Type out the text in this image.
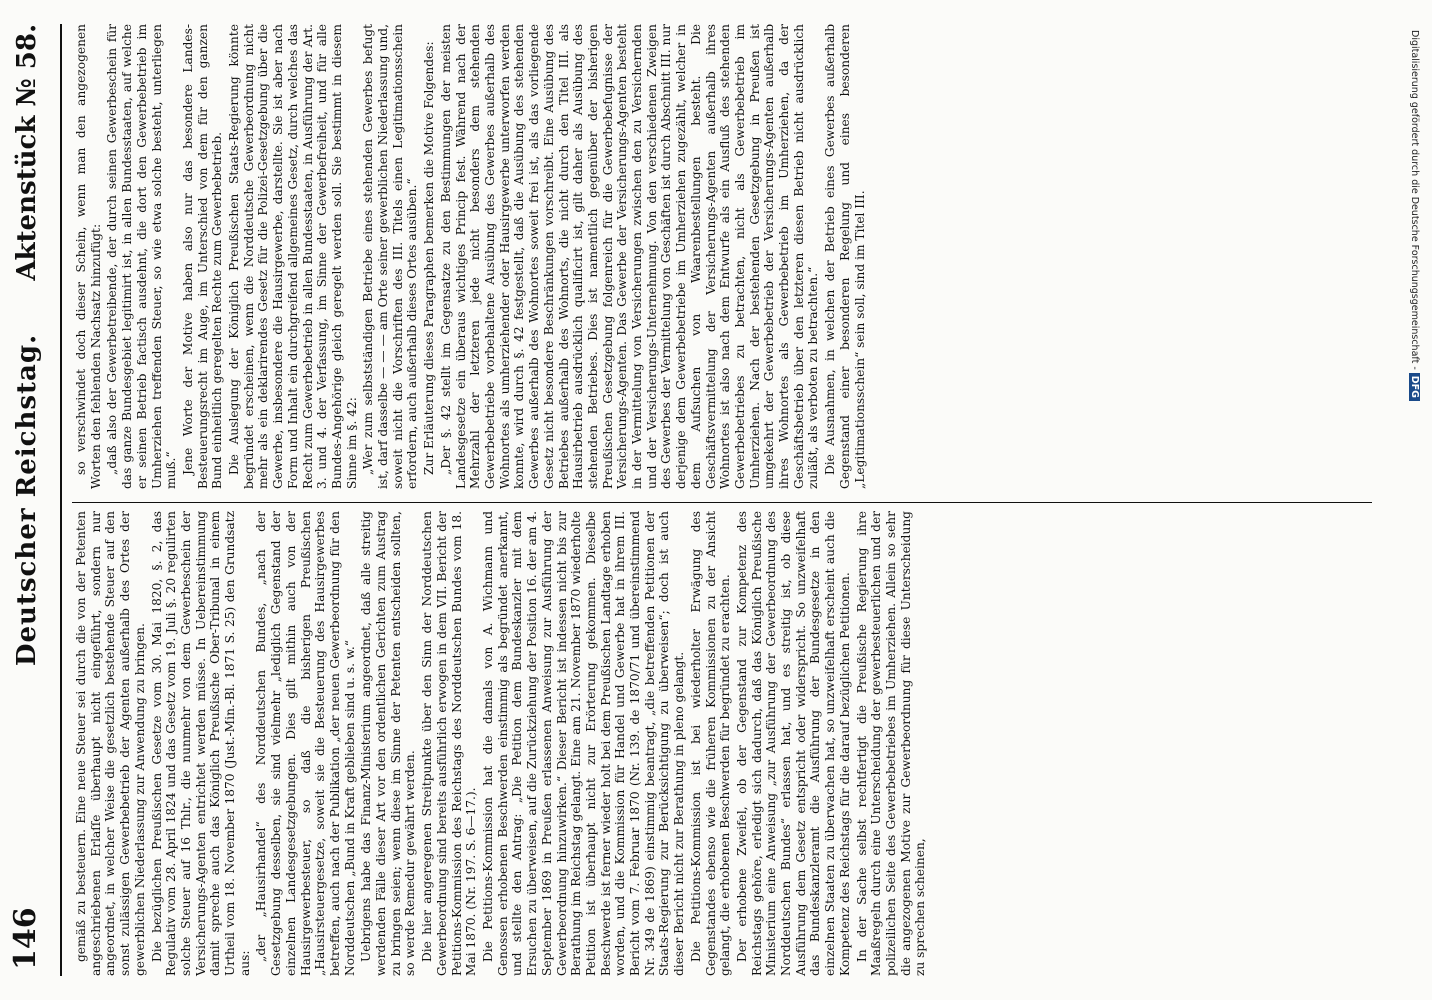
146
Deutscher Reichstag.
Aktenstück № 58.

gemäß zu besteuern. Eine neue Steuer sei durch die von der Petenten angeschriebenen Erlaſſe überhaupt nicht eingeführt, sondern nur angeordnet, in welcher Weise die gesetzlich bestehende Steuer auf den sonst zulässigen Gewerbebetrieb der Agenten außerhalb des Ortes der gewerblichen Niederlassung zur Anwendung zu bringen. Die bezüglichen Preußischen Gesetze vom 30. Mai 1820, §. 2, das Regulativ vom 28. April 1824 und das Gesetz vom 19. Juli §. 20 regulirten solche Steuer auf 16 Thlr., die nunmehr von dem Gewerbeschein der Versicherungs-Agenten entrichtet werden müsse. In Uebereinstimmung damit spreche auch das Königlich Preußische Ober-Tribunal in einem Urtheil vom 18. November 1870 (Just.-Min.-Bl. 1871 S. 25) den Grundsatz aus:

„der „Hausirhandel“ des Norddeutschen Bundes, „nach der Gesetzgebung desselben, sie sind vielmehr „lediglich Gegenstand der einzelnen Landesgesetzgebungen. Dies gilt mithin auch von der Hausirgewerbesteuer, so daß die bisherigen Preußischen „Hausirsteuergesetze, soweit sie die Besteuerung des Hausirgewerbes betreffen, auch nach der Publikation „der neuen Gewerbeordnung für den Norddeutschen „Bund in Kraft geblieben sind u. s. w.“ Uebrigens habe das Finanz-Ministerium angeordnet, daß alle streitig werdenden Fälle dieser Art vor den ordentlichen Gerichten zum Austrag zu bringen seien; wenn diese im Sinne der Petenten entscheiden sollten, so werde Remedur gewährt werden. Die hier angeregenen Streitpunkte über den Sinn der Norddeutschen Gewerbeordnung sind bereits ausführlich erwogen in dem VII. Bericht der Petitions-Kommission des Reichstags des Norddeutschen Bundes vom 18. Mai 1870. (Nr. 197. S. 6—17.). Die Petitions-Kommission hat die damals von A. Wichmann und Genossen erhobenen Beschwerden einstimmig als begründet anerkannt, und stellte den Antrag: „Die Petition dem Bundeskanzler mit dem Ersuchen zu überweisen, auf die Zurückziehung der Position 16. der am 4. September 1869 in Preußen erlassenen Anweisung zur Ausführung der Gewerbeordnung hinzuwirken.“ Dieser Bericht ist indessen nicht bis zur Berathung im Reichstag gelangt. Eine am 21. November 1870 wiederholte Petition ist überhaupt nicht zur Erörterung gekommen. Dieselbe Beschwerde ist ferner wieder holt bei dem Preußischen Landtage erhoben worden, und die Kommission für Handel und Gewerbe hat in ihrem III. Bericht vom 7. Februar 1870 (Nr. 139. de 1870/71 und übereinstimmend Nr. 349 de 1869) einstimmig beantragt, „die betreffenden Petitionen der Staats-Regierung zur Berücksichtigung zu überweisen“; doch ist auch dieser Bericht nicht zur Berathung in pleno gelangt. Die Petitions-Kommission ist bei wiederholter Erwägung des Gegenstandes ebenso wie die früheren Kommissionen zu der Ansicht gelangt, die erhobenen Beschwerden für begründet zu erachten. Der erhobene Zweifel, ob der Gegenstand zur Kompetenz des Reichstags gehöre, erledigt sich dadurch, daß das Königlich Preußische Ministerium eine Anweisung „zur Ausführung der Gewerbeordnung des Norddeutschen Bundes“ erlassen hat, und es streitig ist, ob diese Ausführung dem Gesetz entspricht oder widerspricht. So unzweifelhaft das Bundeskanzleramt die Ausführung der Bundesgesetze in den einzelnen Staaten zu überwachen hat, so unzweifelhaft erscheint auch die Kompetenz des Reichstags für die darauf bezüglichen Petitionen. In der Sache selbst rechtfertigt die Preußische Regierung ihre Maaßregeln durch eine Unterscheidung der gewerbesteuerlichen und der polizeilichen Seite des Gewerbebetriebes im Umherziehen. Allein so sehr die angezogenen Motive zur Gewerbeordnung für diese Unterscheidung zu sprechen scheinen,

so verschwindet doch dieser Schein, wenn man den angezogenen Worten den fehlenden Nachsatz hinzufügt: „daß also der Gewerbetreibende, der durch seinen Gewerbeschein für das ganze Bundesgebiet legitimirt ist, in allen Bundesstaaten, auf welche er seinen Betrieb factisch ausdehnt, die dort den Gewerbebetrieb im Umherziehen treffenden Steuer, so wie etwa solche besteht, unterliegen muß.“ Jene Worte der Motive haben also nur das besondere Landes-Besteuerungsrecht im Auge, im Unterschied von dem für den ganzen Bund einheitlich geregelten Rechte zum Gewerbebetrieb. Die Auslegung der Königlich Preußischen Staats-Regierung könnte begründet erscheinen, wenn die Norddeutsche Gewerbeordnung nicht mehr als ein deklarirendes Gesetz für die Polizei-Gesetzgebung über die Gewerbe, insbesondere die Hausirgewerbe, darstellte. Sie ist aber nach Form und Inhalt ein durchgreifend allgemeines Gesetz, durch welches das Recht zum Gewerbebetrieb in allen Bundesstaaten, in Ausführung der Art. 3. und 4. der Verfassung, im Sinne der Gewerbefreiheit, und für alle Bundes-Angehörige gleich geregelt werden soll. Sie bestimmt in diesem Sinne im §. 42: „Wer zum selbstständigen Betriebe eines stehenden Gewerbes befugt ist, darf dasselbe — — — am Orte seiner gewerblichen Niederlassung und, soweit nicht die Vorschriften des III. Titels einen Legitimationsschein erfordern, auch außerhalb dieses Ortes ausüben.“ Zur Erläuterung dieses Paragraphen bemerken die Motive Folgendes: „Der §. 42 stellt im Gegensatze zu den Bestimmungen der meisten Landesgesetze ein überaus wichtiges Princip fest. Während nach der Mehrzahl der letzteren jede nicht besonders dem stehenden Gewerbebetriebe vorbehaltene Ausübung des Gewerbes außerhalb des Wohnortes als umherziehender oder Hausirgewerbe unterworfen werden konnte, wird durch §. 42 festgestellt, daß die Ausübung des stehenden Gewerbes außerhalb des Wohnortes soweit frei ist, als das vorliegende Gesetz nicht besondere Beschränkungen vorschreibt. Eine Ausübung des Betriebes außerhalb des Wohnorts, die nicht durch den Titel III. als Hausirbetrieb ausdrücklich qualificirt ist, gilt daher als Ausübung des stehenden Betriebes. Dies ist namentlich gegenüber der bisherigen Preußischen Gesetzgebung folgenreich für die Gewerbebefugnisse der Versicherungs-Agenten. Das Gewerbe der Versicherungs-Agenten besteht in der Vermittelung von Versicherungen zwischen den zu Versichernden und der Versicherungs-Unternehmung. Von den verschiedenen Zweigen des Gewerbes der Vermittelung von Geschäften ist durch Abschnitt III. nur derjenige dem Gewerbebetriebe im Umherziehen zugezählt, welcher in dem Aufsuchen von Waarenbestellungen besteht. Die Geschäftsvermittelung der Versicherungs-Agenten außerhalb ihres Wohnortes ist also nach dem Entwurfe als ein Ausfluß des stehenden Gewerbebetriebes zu betrachten, nicht als Gewerbebetrieb im Umherziehen. Nach der bestehenden Gesetzgebung in Preußen ist umgekehrt der Gewerbebetrieb der Versicherungs-Agenten außerhalb ihres Wohnortes als Gewerbebetrieb im Umherziehen, da der Geschäftsbetrieb über den letzteren diesen Betrieb nicht ausdrücklich zuläßt, als verboten zu betrachten.“ Die Ausnahmen, in welchen der Betrieb eines Gewerbes außerhalb Gegenstand einer besonderen Regelung und eines besonderen „Legitimationsschein“ sein soll, sind im Titel III.	Digitalisierung gefördert durch die Deutsche Forschungsgemeinschaft - DFG
